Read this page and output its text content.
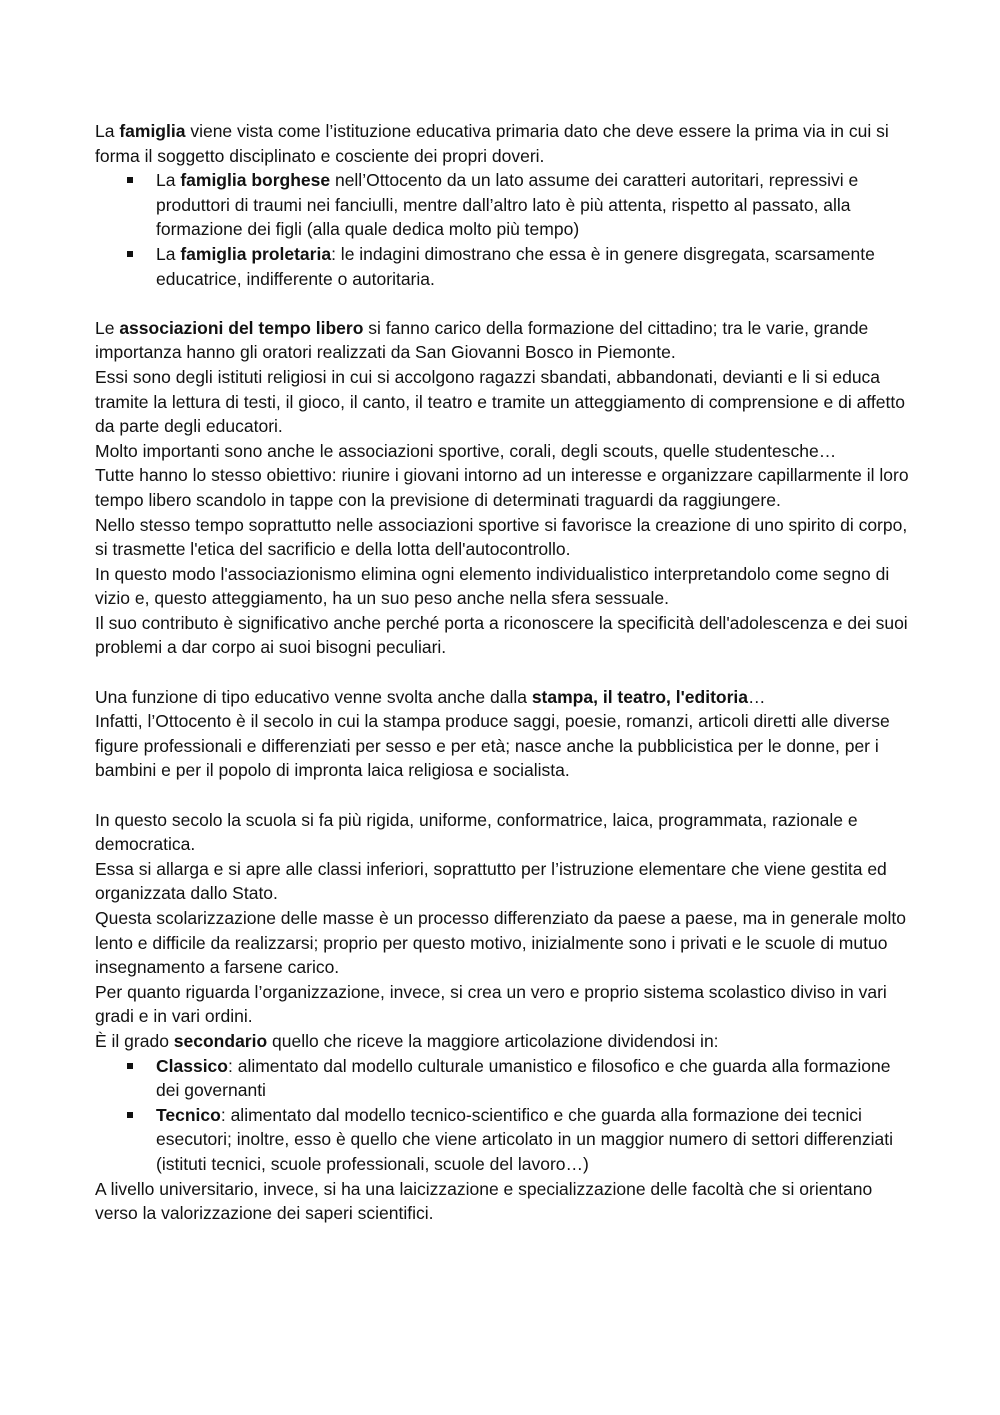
La famiglia viene vista come l’istituzione educativa primaria dato che deve essere la prima via in cui si forma il soggetto disciplinato e cosciente dei propri doveri.

La famiglia borghese nell’Ottocento da un lato assume dei caratteri autoritari, repressivi e produttori di traumi nei fanciulli, mentre dall’altro lato è più attenta, rispetto al passato, alla formazione dei figli (alla quale dedica molto più tempo)
La famiglia proletaria: le indagini dimostrano che essa è in genere disgregata, scarsamente educatrice, indifferente o autoritaria.

Le associazioni del tempo libero si fanno carico della formazione del cittadino; tra le varie, grande importanza hanno gli oratori realizzati da San Giovanni Bosco in Piemonte.

Essi sono degli istituti religiosi in cui si accolgono ragazzi sbandati, abbandonati, devianti e li si educa tramite la lettura di testi, il gioco, il canto, il teatro e tramite un atteggiamento di comprensione e di affetto da parte degli educatori.

Molto importanti sono anche le associazioni sportive, corali, degli scouts, quelle studentesche…

Tutte hanno lo stesso obiettivo: riunire i giovani intorno ad un interesse e organizzare capillarmente il loro tempo libero scandolo in tappe con la previsione di determinati traguardi da raggiungere.

Nello stesso tempo soprattutto nelle associazioni sportive si favorisce la creazione di uno spirito di corpo, si trasmette l'etica del sacrificio e della lotta dell'autocontrollo.

In questo modo l'associazionismo elimina ogni elemento individualistico interpretandolo come segno di vizio e, questo atteggiamento, ha un suo peso anche nella sfera sessuale.

Il suo contributo è significativo anche perché porta a riconoscere la specificità dell'adolescenza e dei suoi problemi a dar corpo ai suoi bisogni peculiari.

Una funzione di tipo educativo venne svolta anche dalla stampa, il teatro, l'editoria…

Infatti, l’Ottocento è il secolo in cui la stampa produce saggi, poesie, romanzi, articoli diretti alle diverse figure professionali e differenziati per sesso e per età; nasce anche la pubblicistica per le donne, per i bambini e per il popolo di impronta laica religiosa e socialista.

In questo secolo la scuola si fa più rigida, uniforme, conformatrice, laica, programmata, razionale e democratica.

Essa si allarga e si apre alle classi inferiori, soprattutto per l’istruzione elementare che viene gestita ed organizzata dallo Stato.

Questa scolarizzazione delle masse è un processo differenziato da paese a paese, ma in generale molto lento e difficile da realizzarsi; proprio per questo motivo, inizialmente sono i privati e le scuole di mutuo insegnamento a farsene carico.

Per quanto riguarda l’organizzazione, invece, si crea un vero e proprio sistema scolastico diviso in vari gradi e in vari ordini.

È il grado secondario quello che riceve la maggiore articolazione dividendosi in:

Classico: alimentato dal modello culturale umanistico e filosofico e che guarda alla formazione dei governanti
Tecnico: alimentato dal modello tecnico-scientifico e che guarda alla formazione dei tecnici esecutori; inoltre, esso è quello che viene articolato in un maggior numero di settori differenziati (istituti tecnici, scuole professionali, scuole del lavoro…)

A livello universitario, invece, si ha una laicizzazione e specializzazione delle facoltà che si orientano verso la valorizzazione dei saperi scientifici.
